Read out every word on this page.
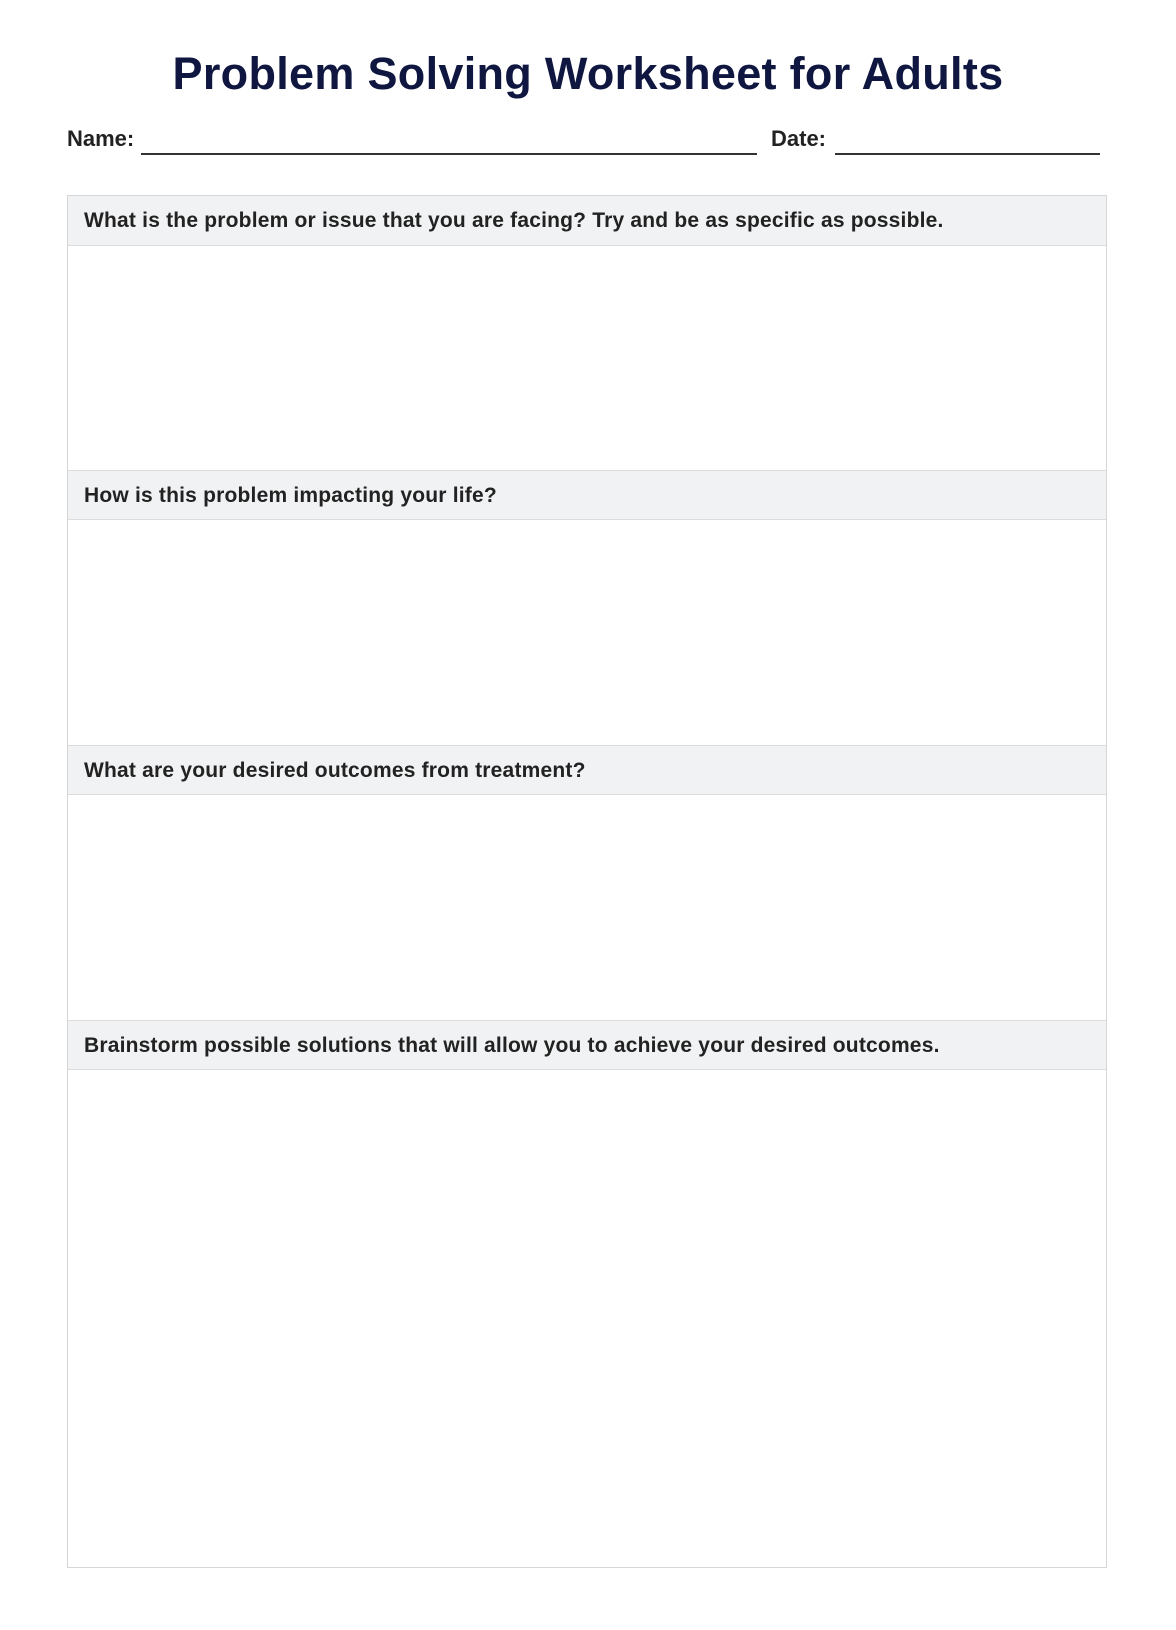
Problem Solving Worksheet for Adults
Name:	Date:
What is the problem or issue that you are facing? Try and be as specific as possible.
How is this problem impacting your life?
What are your desired outcomes from treatment?
Brainstorm possible solutions that will allow you to achieve your desired outcomes.
